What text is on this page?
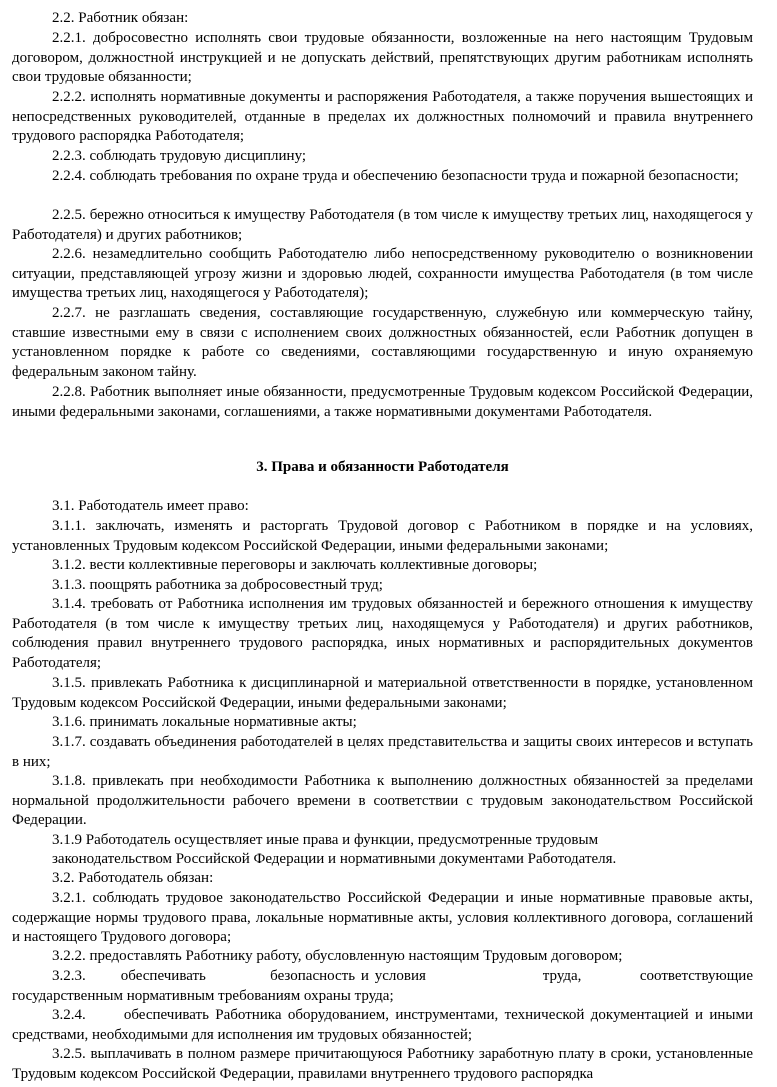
2.2. Работник обязан:

2.2.1. добросовестно исполнять свои трудовые обязанности, возложенные на него настоящим Трудовым договором, должностной инструкцией и не допускать действий, препятствующих другим работникам исполнять свои трудовые обязанности;

2.2.2. исполнять нормативные документы и распоряжения Работодателя, а также поручения вышестоящих и непосредственных руководителей, отданные в пределах их должностных полномочий и правила внутреннего трудового распорядка Работодателя;

2.2.3. соблюдать трудовую дисциплину;

2.2.4. соблюдать требования по охране труда и обеспечению безопасности труда и пожарной безопасности;

2.2.5. бережно относиться к имуществу Работодателя (в том числе к имуществу третьих лиц, находящегося у Работодателя) и других работников;

2.2.6. незамедлительно сообщить Работодателю либо непосредственному руководителю о возникновении ситуации, представляющей угрозу жизни и здоровью людей, сохранности имущества Работодателя (в том числе имущества третьих лиц, находящегося у Работодателя);

2.2.7. не разглашать сведения, составляющие государственную, служебную или коммерческую тайну, ставшие известными ему в связи с исполнением своих должностных обязанностей, если Работник допущен в установленном порядке к работе со сведениями, составляющими государственную и иную охраняемую федеральным законом тайну.

2.2.8. Работник выполняет иные обязанности, предусмотренные Трудовым кодексом Российской Федерации, иными федеральными законами, соглашениями, а также нормативными документами Работодателя.

3. Права и обязанности Работодателя

3.1. Работодатель имеет право:

3.1.1. заключать, изменять и расторгать Трудовой договор с Работником в порядке и на условиях, установленных Трудовым кодексом Российской Федерации, иными федеральными законами;

3.1.2. вести коллективные переговоры и заключать коллективные договоры;

3.1.3. поощрять работника за добросовестный труд;

3.1.4. требовать от Работника исполнения им трудовых обязанностей и бережного отношения к имуществу Работодателя (в том числе к имуществу третьих лиц, находящемуся у Работодателя) и других работников, соблюдения правил внутреннего трудового распорядка, иных нормативных и распорядительных документов Работодателя;

3.1.5. привлекать Работника к дисциплинарной и материальной ответственности в порядке, установленном Трудовым кодексом Российской Федерации, иными федеральными законами;

3.1.6. принимать локальные нормативные акты;

3.1.7. создавать объединения работодателей в целях представительства и защиты своих интересов и вступать в них;

3.1.8. привлекать при необходимости Работника к выполнению должностных обязанностей за пределами нормальной продолжительности рабочего времени в соответствии с трудовым законодательством Российской Федерации.

3.1.9 Работодатель осуществляет иные права и функции, предусмотренные трудовым

законодательством Российской Федерации и нормативными документами Работодателя.

3.2. Работодатель обязан:

3.2.1. соблюдать трудовое законодательство Российской Федерации и иные нормативные правовые акты, содержащие нормы трудового права, локальные нормативные акты, условия коллективного договора, соглашений и настоящего Трудового договора;

3.2.2. предоставлять Работнику работу, обусловленную настоящим Трудовым договором;

3.2.3.      обеспечивать           безопасность и условия                    труда,          соответствующие государственным нормативным требованиям охраны труда;

3.2.4.      обеспечивать Работника оборудованием, инструментами, технической документацией и иными средствами, необходимыми для исполнения им трудовых обязанностей;

3.2.5. выплачивать в полном размере причитающуюся Работнику заработную плату в сроки, установленные Трудовым кодексом Российской Федерации, правилами внутреннего трудового распорядка
